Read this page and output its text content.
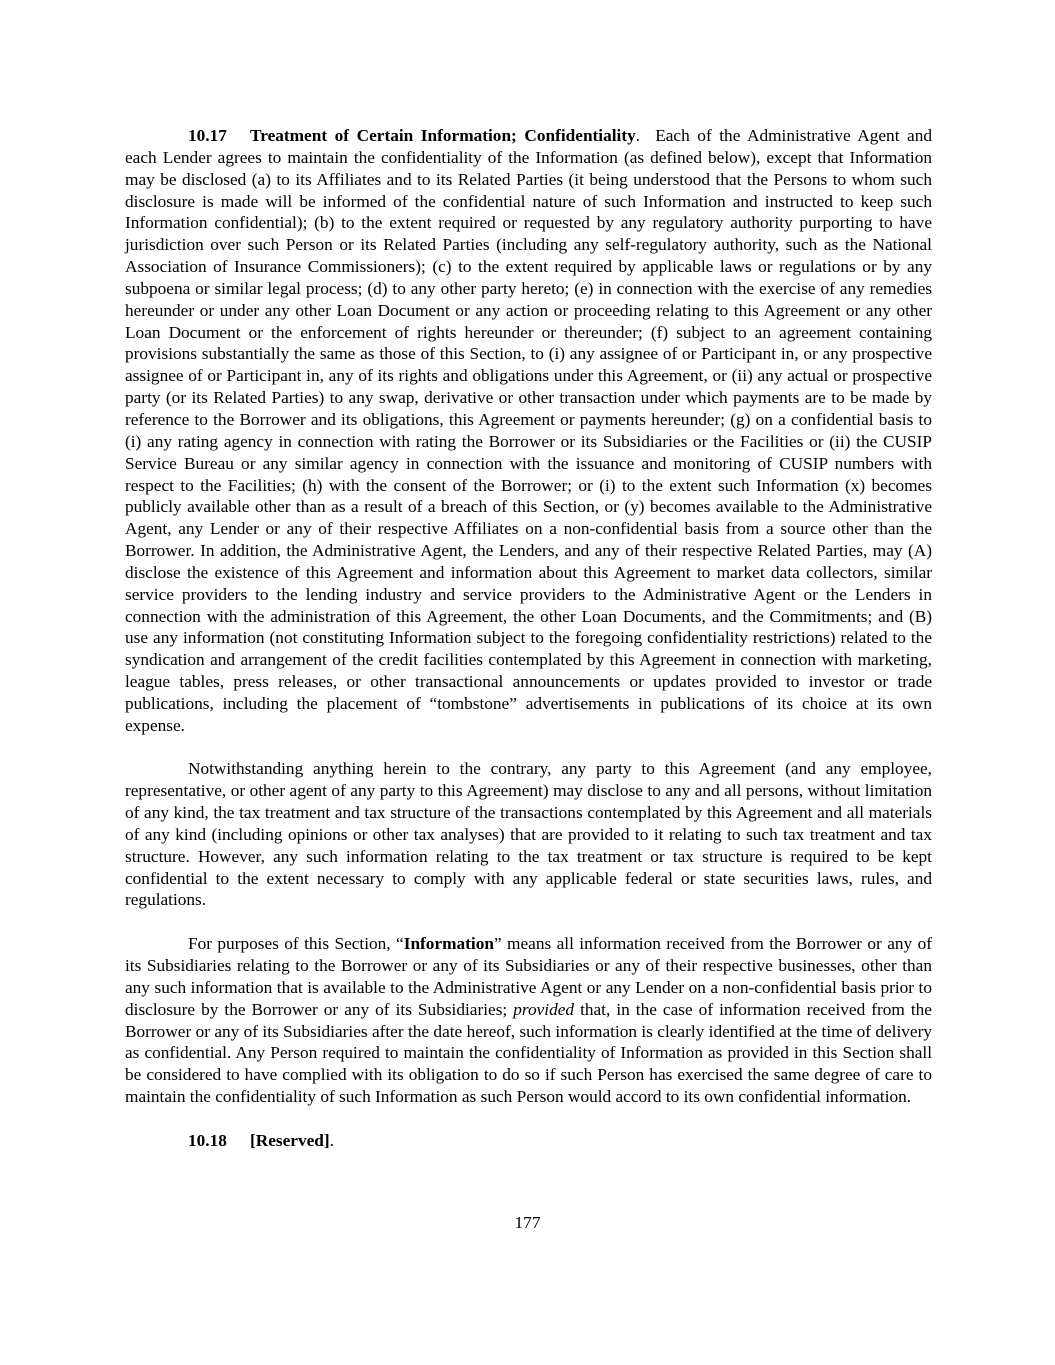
10.17 Treatment of Certain Information; Confidentiality. Each of the Administrative Agent and each Lender agrees to maintain the confidentiality of the Information (as defined below), except that Information may be disclosed (a) to its Affiliates and to its Related Parties (it being understood that the Persons to whom such disclosure is made will be informed of the confidential nature of such Information and instructed to keep such Information confidential); (b) to the extent required or requested by any regulatory authority purporting to have jurisdiction over such Person or its Related Parties (including any self-regulatory authority, such as the National Association of Insurance Commissioners); (c) to the extent required by applicable laws or regulations or by any subpoena or similar legal process; (d) to any other party hereto; (e) in connection with the exercise of any remedies hereunder or under any other Loan Document or any action or proceeding relating to this Agreement or any other Loan Document or the enforcement of rights hereunder or thereunder; (f) subject to an agreement containing provisions substantially the same as those of this Section, to (i) any assignee of or Participant in, or any prospective assignee of or Participant in, any of its rights and obligations under this Agreement, or (ii) any actual or prospective party (or its Related Parties) to any swap, derivative or other transaction under which payments are to be made by reference to the Borrower and its obligations, this Agreement or payments hereunder; (g) on a confidential basis to (i) any rating agency in connection with rating the Borrower or its Subsidiaries or the Facilities or (ii) the CUSIP Service Bureau or any similar agency in connection with the issuance and monitoring of CUSIP numbers with respect to the Facilities; (h) with the consent of the Borrower; or (i) to the extent such Information (x) becomes publicly available other than as a result of a breach of this Section, or (y) becomes available to the Administrative Agent, any Lender or any of their respective Affiliates on a non-confidential basis from a source other than the Borrower. In addition, the Administrative Agent, the Lenders, and any of their respective Related Parties, may (A) disclose the existence of this Agreement and information about this Agreement to market data collectors, similar service providers to the lending industry and service providers to the Administrative Agent or the Lenders in connection with the administration of this Agreement, the other Loan Documents, and the Commitments; and (B) use any information (not constituting Information subject to the foregoing confidentiality restrictions) related to the syndication and arrangement of the credit facilities contemplated by this Agreement in connection with marketing, league tables, press releases, or other transactional announcements or updates provided to investor or trade publications, including the placement of “tombstone” advertisements in publications of its choice at its own expense.

Notwithstanding anything herein to the contrary, any party to this Agreement (and any employee, representative, or other agent of any party to this Agreement) may disclose to any and all persons, without limitation of any kind, the tax treatment and tax structure of the transactions contemplated by this Agreement and all materials of any kind (including opinions or other tax analyses) that are provided to it relating to such tax treatment and tax structure. However, any such information relating to the tax treatment or tax structure is required to be kept confidential to the extent necessary to comply with any applicable federal or state securities laws, rules, and regulations.

For purposes of this Section, “Information” means all information received from the Borrower or any of its Subsidiaries relating to the Borrower or any of its Subsidiaries or any of their respective businesses, other than any such information that is available to the Administrative Agent or any Lender on a non-confidential basis prior to disclosure by the Borrower or any of its Subsidiaries; provided that, in the case of information received from the Borrower or any of its Subsidiaries after the date hereof, such information is clearly identified at the time of delivery as confidential. Any Person required to maintain the confidentiality of Information as provided in this Section shall be considered to have complied with its obligation to do so if such Person has exercised the same degree of care to maintain the confidentiality of such Information as such Person would accord to its own confidential information.

10.18 [Reserved].

177
